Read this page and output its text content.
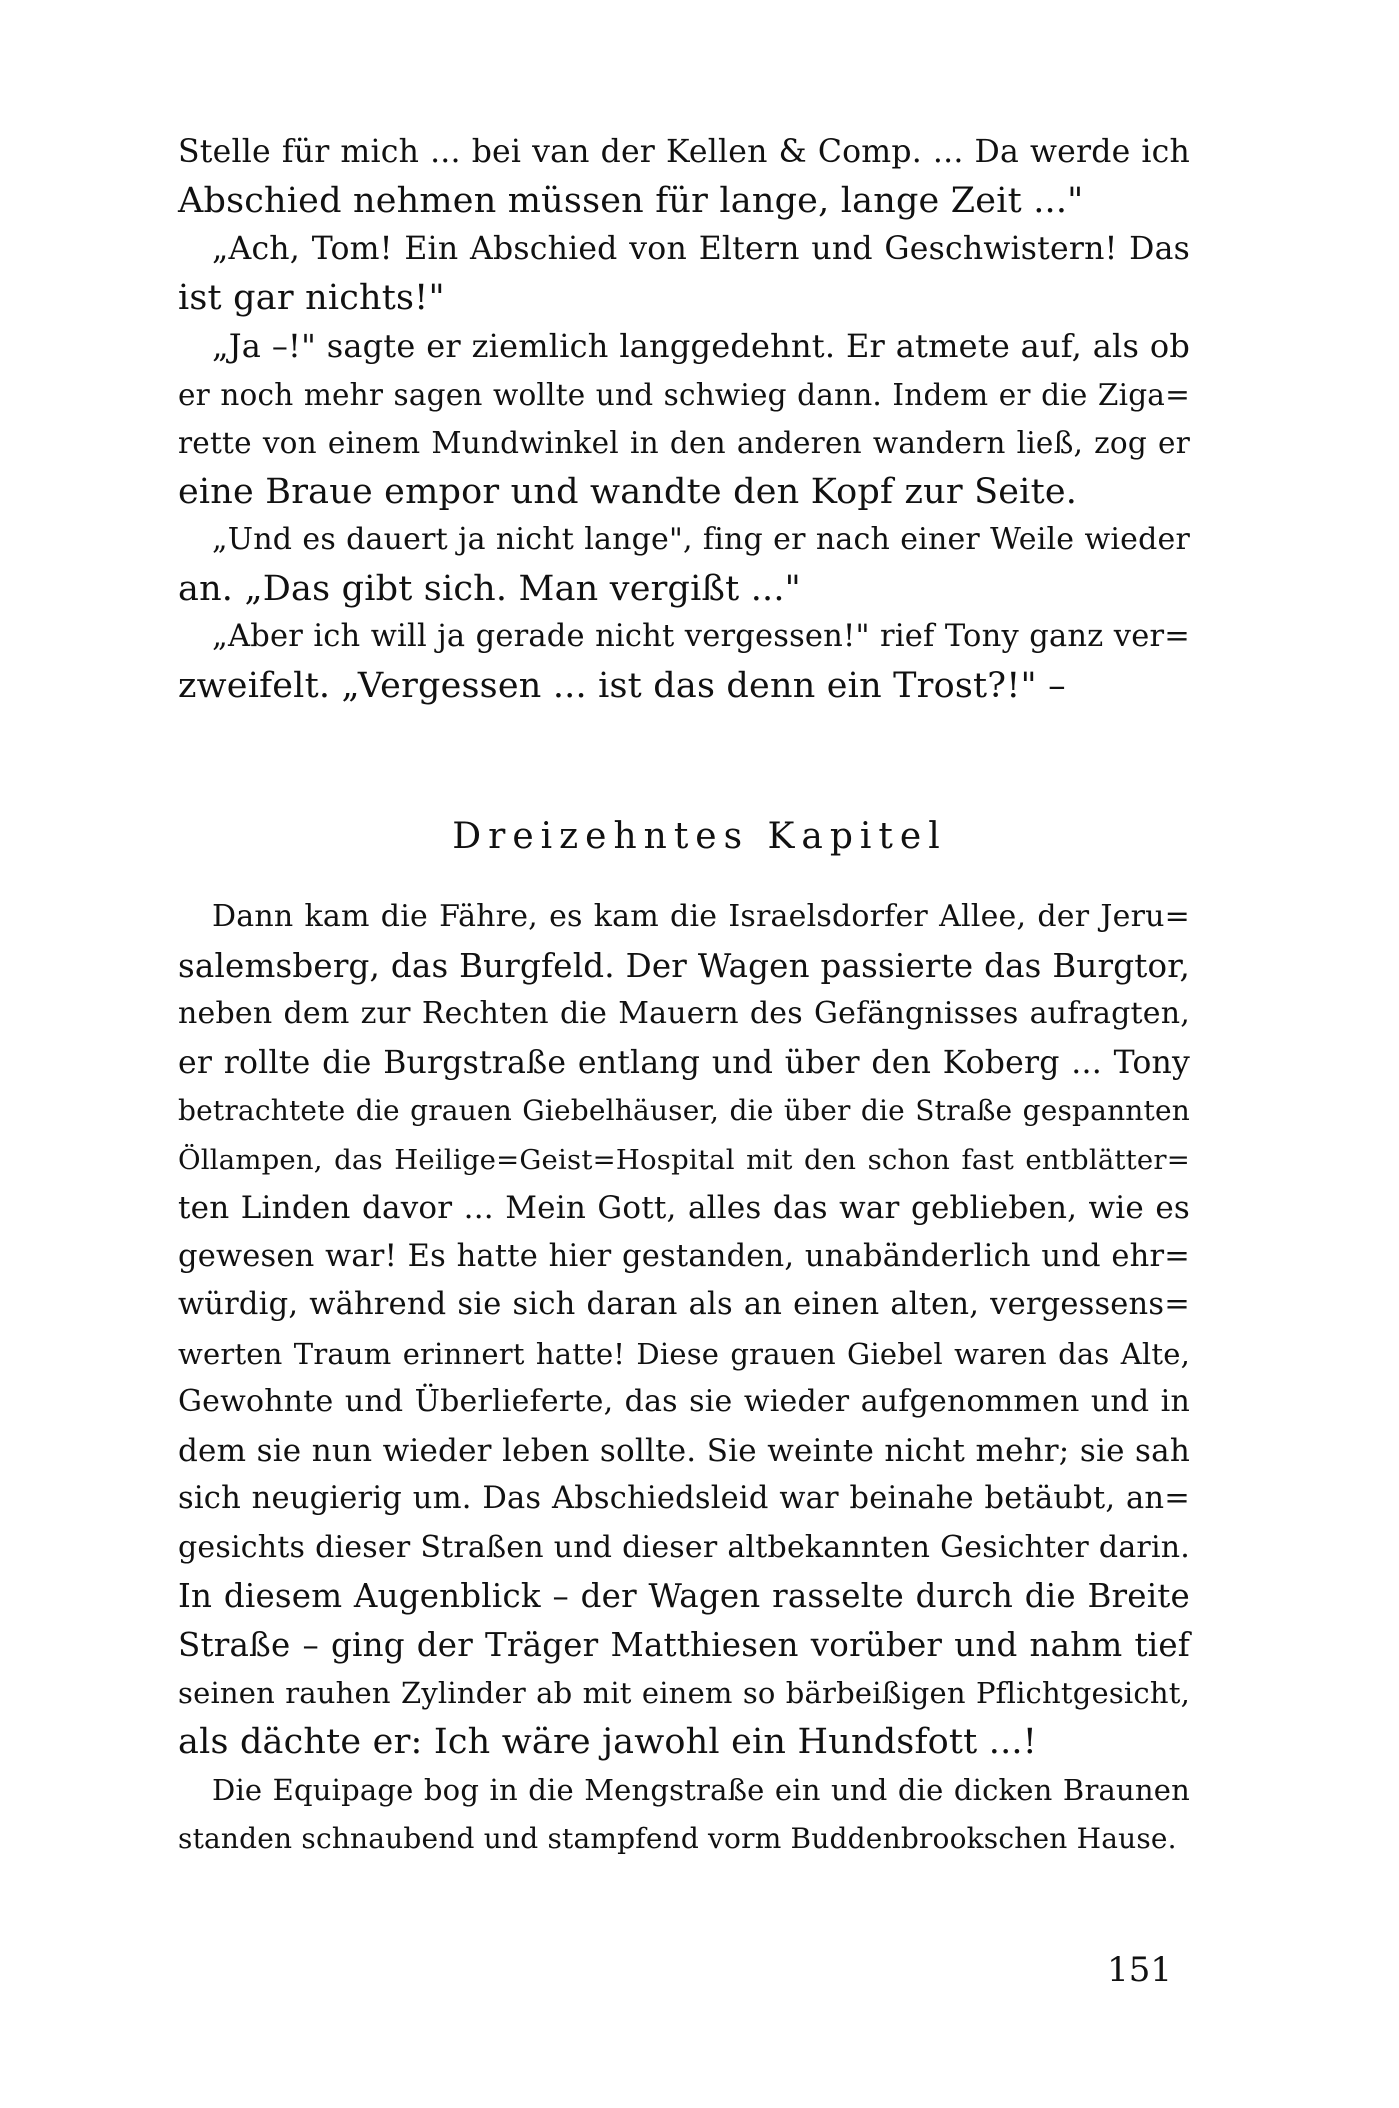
Stelle für mich ... bei van der Kellen & Comp. ... Da werde ich
Abschied nehmen müssen für lange, lange Zeit ..."
„Ach, Tom! Ein Abschied von Eltern und Geschwistern! Das
ist gar nichts!"
„Ja –!" sagte er ziemlich langgedehnt. Er atmete auf, als ob
er noch mehr sagen wollte und schwieg dann. Indem er die Ziga=
rette von einem Mundwinkel in den anderen wandern ließ, zog er
eine Braue empor und wandte den Kopf zur Seite.
„Und es dauert ja nicht lange", fing er nach einer Weile wieder
an. „Das gibt sich. Man vergißt ..."
„Aber ich will ja gerade nicht vergessen!" rief Tony ganz ver=
zweifelt. „Vergessen ... ist das denn ein Trost?!" –
Dreizehntes Kapitel
Dann kam die Fähre, es kam die Israelsdorfer Allee, der Jeru=
salemsberg, das Burgfeld. Der Wagen passierte das Burgtor,
neben dem zur Rechten die Mauern des Gefängnisses aufragten,
er rollte die Burgstraße entlang und über den Koberg ... Tony
betrachtete die grauen Giebelhäuser, die über die Straße gespannten
Öllampen, das Heilige=Geist=Hospital mit den schon fast entblätter=
ten Linden davor ... Mein Gott, alles das war geblieben, wie es
gewesen war! Es hatte hier gestanden, unabänderlich und ehr=
würdig, während sie sich daran als an einen alten, vergessens=
werten Traum erinnert hatte! Diese grauen Giebel waren das Alte,
Gewohnte und Überlieferte, das sie wieder aufgenommen und in
dem sie nun wieder leben sollte. Sie weinte nicht mehr; sie sah
sich neugierig um. Das Abschiedsleid war beinahe betäubt, an=
gesichts dieser Straßen und dieser altbekannten Gesichter darin.
In diesem Augenblick – der Wagen rasselte durch die Breite
Straße – ging der Träger Matthiesen vorüber und nahm tief
seinen rauhen Zylinder ab mit einem so bärbeißigen Pflichtgesicht,
als dächte er: Ich wäre jawohl ein Hundsfott ...!
Die Equipage bog in die Mengstraße ein und die dicken Braunen
standen schnaubend und stampfend vorm Buddenbrookschen Hause.
151
